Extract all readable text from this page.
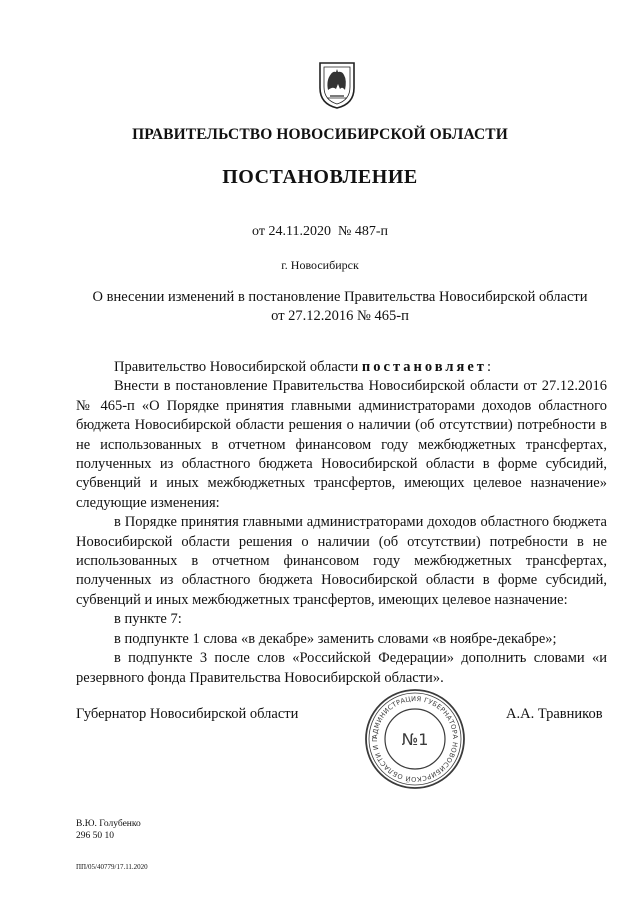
ПРАВИТЕЛЬСТВО НОВОСИБИРСКОЙ ОБЛАСТИ
ПОСТАНОВЛЕНИЕ
от 24.11.2020 № 487-п
г. Новосибирск
О внесении изменений в постановление Правительства Новосибирской области
от 27.12.2016 № 465-п

Правительство Новосибирской области постановляет:

Внести в постановление Правительства Новосибирской области от 27.12.2016 № 465-п «О Порядке принятия главными администраторами доходов областного бюджета Новосибирской области решения о наличии (об отсутствии) потребности в не использованных в отчетном финансовом году межбюджетных трансфертах, полученных из областного бюджета Новосибирской области в форме субсидий, субвенций и иных межбюджетных трансфертов, имеющих целевое назначение» следующие изменения:

в Порядке принятия главными администраторами доходов областного бюджета Новосибирской области решения о наличии (об отсутствии) потребности в не использованных в отчетном финансовом году межбюджетных трансфертах, полученных из областного бюджета Новосибирской области в форме субсидий, субвенций и иных межбюджетных трансфертов, имеющих целевое назначение:

в пункте 7:

в подпункте 1 слова «в декабре» заменить словами «в ноябре-декабре»;

в подпункте 3 после слов «Российской Федерации» дополнить словами «и резервного фонда Правительства Новосибирской области».

Губернатор Новосибирской области
АДМИНИСТРАЦИЯ ГУБЕРНАТОРА НОВОСИБИРСКОЙ ОБЛАСТИ И П	№1
А.А. Травников
В.Ю. Голубенко
296 50 10
ПП/05/40779/17.11.2020
